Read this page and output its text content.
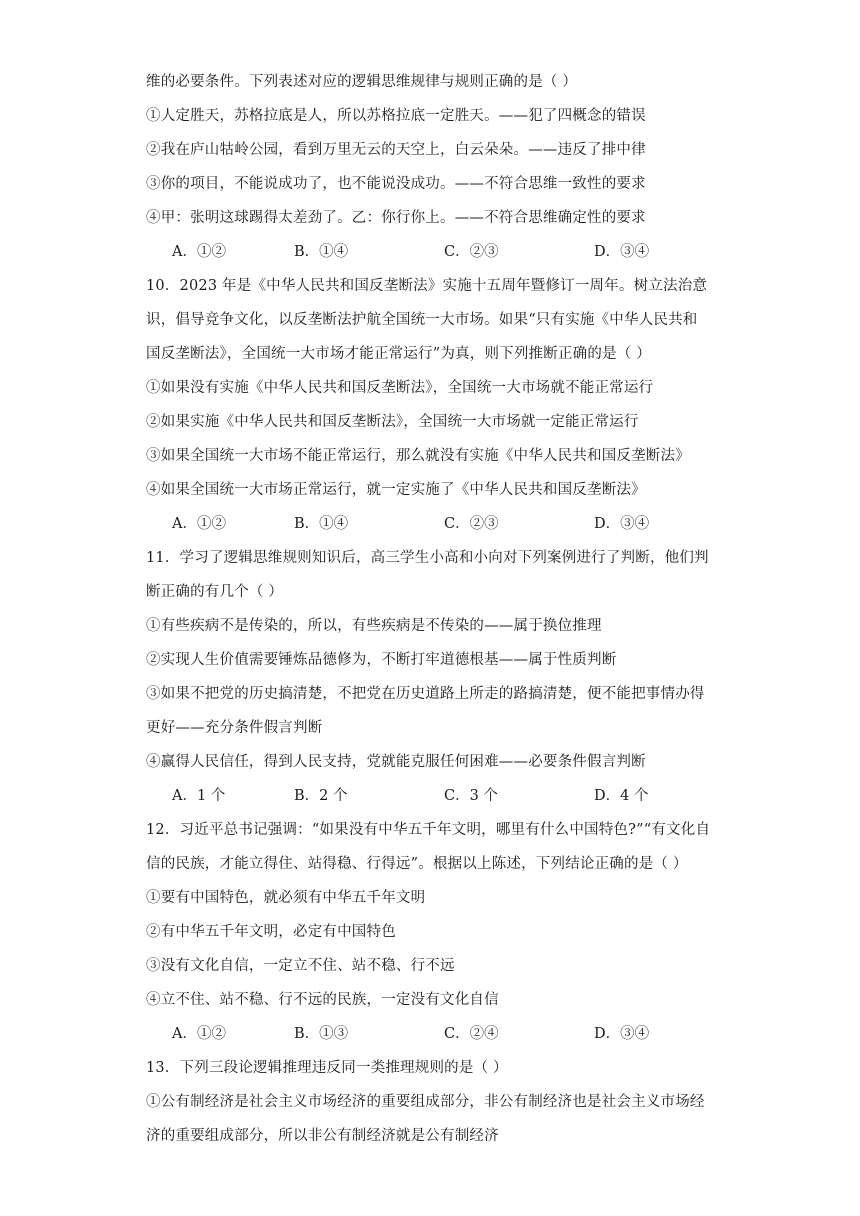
维的必要条件。下列表述对应的逻辑思维规律与规则正确的是（ ）
①人定胜天，苏格拉底是人，所以苏格拉底一定胜天。——犯了四概念的错误
②我在庐山牯岭公园，看到万里无云的天空上，白云朵朵。——违反了排中律
③你的项目，不能说成功了，也不能说没成功。——不符合思维一致性的要求
④甲：张明这球踢得太差劲了。乙：你行你上。——不符合思维确定性的要求
A．①②	B．①④	C．②③	D．③④
10．2023 年是《中华人民共和国反垄断法》实施十五周年暨修订一周年。树立法治意
识，倡导竞争文化，以反垄断法护航全国统一大市场。如果“只有实施《中华人民共和
国反垄断法》，全国统一大市场才能正常运行”为真，则下列推断正确的是（ ）
①如果没有实施《中华人民共和国反垄断法》，全国统一大市场就不能正常运行
②如果实施《中华人民共和国反垄断法》，全国统一大市场就一定能正常运行
③如果全国统一大市场不能正常运行，那么就没有实施《中华人民共和国反垄断法》
④如果全国统一大市场正常运行，就一定实施了《中华人民共和国反垄断法》
A．①②	B．①④	C．②③	D．③④
11．学习了逻辑思维规则知识后，高三学生小高和小向对下列案例进行了判断，他们判
断正确的有几个（ ）
①有些疾病不是传染的，所以，有些疾病是不传染的——属于换位推理
②实现人生价值需要锤炼品德修为，不断打牢道德根基——属于性质判断
③如果不把党的历史搞清楚，不把党在历史道路上所走的路搞清楚，便不能把事情办得
更好——充分条件假言判断
④赢得人民信任，得到人民支持，党就能克服任何困难——必要条件假言判断
A．1 个	B．2 个	C．3 个	D．4 个
12．习近平总书记强调：“如果没有中华五千年文明，哪里有什么中国特色?”“有文化自
信的民族，才能立得住、站得稳、行得远”。根据以上陈述，下列结论正确的是（ ）
①要有中国特色，就必须有中华五千年文明
②有中华五千年文明，必定有中国特色
③没有文化自信，一定立不住、站不稳、行不远
④立不住、站不稳、行不远的民族，一定没有文化自信
A．①②	B．①③	C．②④	D．③④
13．下列三段论逻辑推理违反同一类推理规则的是（ ）
①公有制经济是社会主义市场经济的重要组成部分，非公有制经济也是社会主义市场经
济的重要组成部分，所以非公有制经济就是公有制经济
